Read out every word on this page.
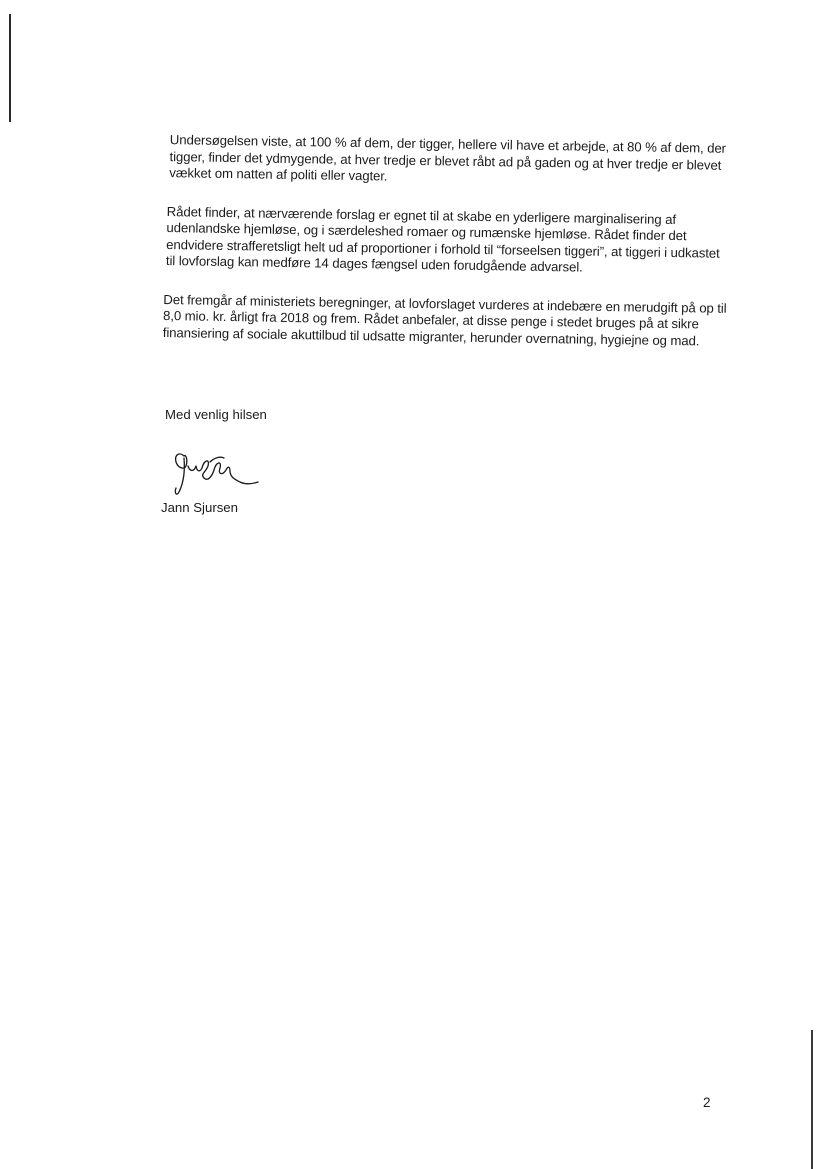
Undersøgelsen viste, at 100 % af dem, der tigger, hellere vil have et arbejde, at 80 % af dem, der tigger, finder det ydmygende, at hver tredje er blevet råbt ad på gaden og at hver tredje er blevet vækket om natten af politi eller vagter.

Rådet finder, at nærværende forslag er egnet til at skabe en yderligere marginalisering af udenlandske hjemløse, og i særdeleshed romaer og rumænske hjemløse. Rådet finder det endvidere strafferetsligt helt ud af proportioner i forhold til “forseelsen tiggeri”, at tiggeri i udkastet til lovforslag kan medføre 14 dages fængsel uden forudgående advarsel.

Det fremgår af ministeriets beregninger, at lovforslaget vurderes at indebære en merudgift på op til 8,0 mio. kr. årligt fra 2018 og frem. Rådet anbefaler, at disse penge i stedet bruges på at sikre finansiering af sociale akuttilbud til udsatte migranter, herunder overnatning, hygiejne og mad.

Med venlig hilsen
Jann Sjursen
2
